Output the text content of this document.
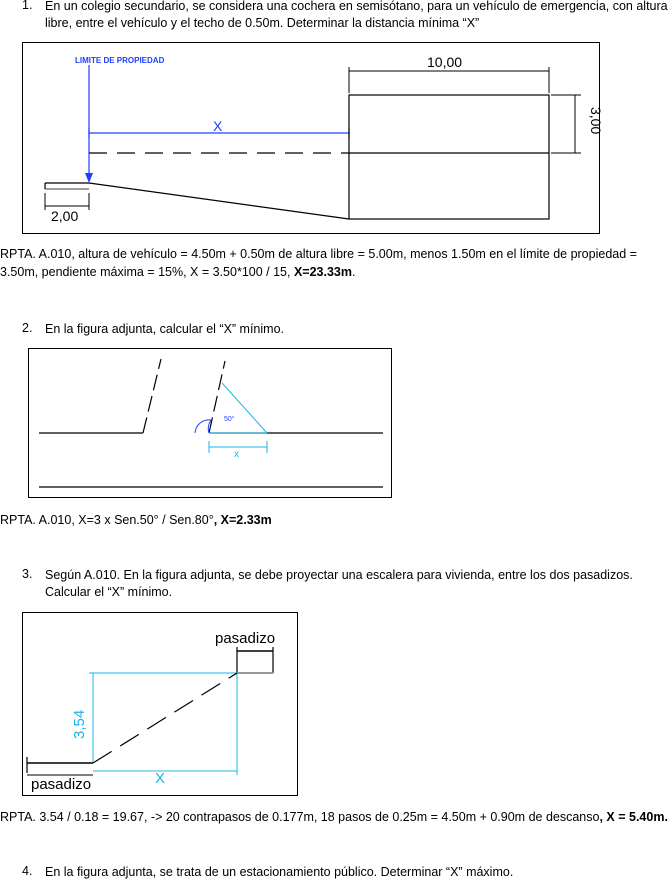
1. En un colegio secundario, se considera una cochera en semisótano, para un vehículo de emergencia, con altura
libre, entre el vehículo y el techo de 0.50m. Determinar la distancia mínima “X”
LIMITE DE PROPIEDAD
X
10,00
3,00
2,00
RPTA. A.010, altura de vehículo = 4.50m + 0.50m de altura libre = 5.00m, menos 1.50m en el límite de propiedad =
3.50m, pendiente máxima = 15%, X = 3.50*100 / 15, X=23.33m.
2. En la figura adjunta, calcular el “X” mínimo.
50°
x
RPTA. A.010, X=3 x Sen.50° / Sen.80°, X=2.33m
3. Según A.010. En la figura adjunta, se debe proyectar una escalera para vivienda, entre los dos pasadizos.
Calcular el “X” mínimo.
pasadizo
3,54
X
pasadizo
RPTA. 3.54 / 0.18 = 19.67, -> 20 contrapasos de 0.177m, 18 pasos de 0.25m = 4.50m + 0.90m de descanso, X = 5.40m.
4. En la figura adjunta, se trata de un estacionamiento público. Determinar “X” máximo.
